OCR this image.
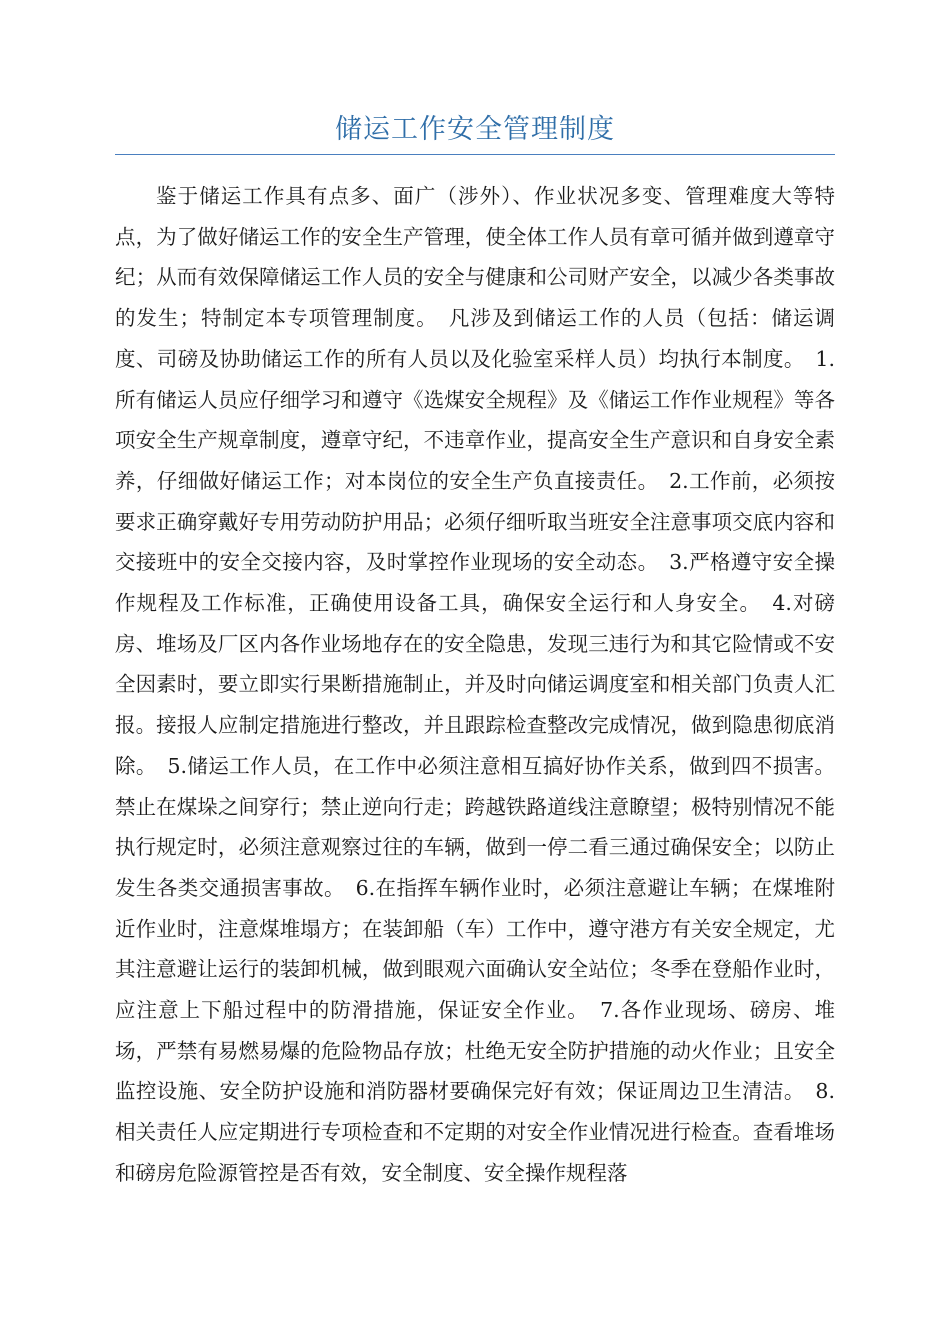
储运工作安全管理制度

鉴于储运工作具有点多、面广（涉外）、作业状况多变、管理难度大等特点，为了做好储运工作的安全生产管理，使全体工作人员有章可循并做到遵章守纪；从而有效保障储运工作人员的安全与健康和公司财产安全，以减少各类事故的发生；特制定本专项管理制度。　凡涉及到储运工作的人员（包括：储运调度、司磅及协助储运工作的所有人员以及化验室采样人员）均执行本制度。　1.所有储运人员应仔细学习和遵守《选煤安全规程》及《储运工作作业规程》等各项安全生产规章制度，遵章守纪，不违章作业，提高安全生产意识和自身安全素养，仔细做好储运工作；对本岗位的安全生产负直接责任。　2.工作前，必须按要求正确穿戴好专用劳动防护用品；必须仔细听取当班安全注意事项交底内容和交接班中的安全交接内容，及时掌控作业现场的安全动态。　3.严格遵守安全操作规程及工作标准，正确使用设备工具，确保安全运行和人身安全。　4.对磅房、堆场及厂区内各作业场地存在的安全隐患，发现三违行为和其它险情或不安全因素时，要立即实行果断措施制止，并及时向储运调度室和相关部门负责人汇报。接报人应制定措施进行整改，并且跟踪检查整改完成情况，做到隐患彻底消除。　5.储运工作人员，在工作中必须注意相互搞好协作关系，做到四不损害。禁止在煤垛之间穿行；禁止逆向行走；跨越铁路道线注意瞭望；极特别情况不能执行规定时，必须注意观察过往的车辆，做到一停二看三通过确保安全；以防止发生各类交通损害事故。　6.在指挥车辆作业时，必须注意避让车辆；在煤堆附近作业时，注意煤堆塌方；在装卸船（车）工作中，遵守港方有关安全规定，尤其注意避让运行的装卸机械，做到眼观六面确认安全站位；冬季在登船作业时，应注意上下船过程中的防滑措施，保证安全作业。　7.各作业现场、磅房、堆场，严禁有易燃易爆的危险物品存放；杜绝无安全防护措施的动火作业；且安全监控设施、安全防护设施和消防器材要确保完好有效；保证周边卫生清洁。　8.相关责任人应定期进行专项检查和不定期的对安全作业情况进行检查。查看堆场和磅房危险源管控是否有效，安全制度、安全操作规程落
